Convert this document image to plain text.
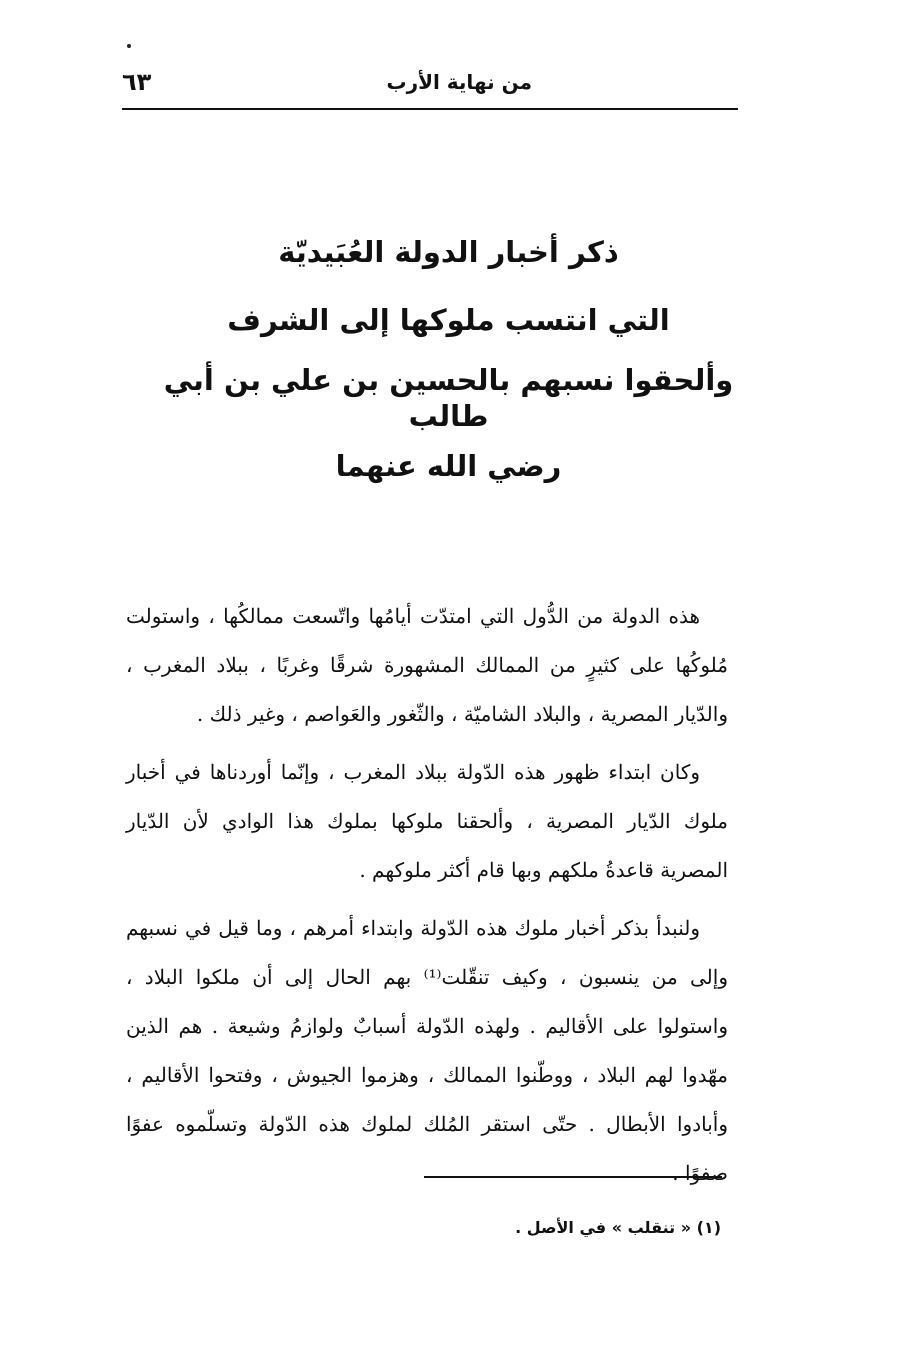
٦٣	من نهاية الأرب

ذكر أخبار الدولة العُبَيديّة

التي انتسب ملوكها إلى الشرف

وألحقوا نسبهم بالحسين بن علي بن أبي طالب

رضي الله عنهما

هذه الدولة من الدُّول التي امتدّت أيامُها واتّسعت ممالكُها ، واستولت مُلوكُها على كثيرٍ من الممالك المشهورة شرقًا وغربًا ، ببلاد المغرب ، والدّيار المصرية ، والبلاد الشاميّة ، والثّغور والعَواصم ، وغير ذلك .

وكان ابتداء ظهور هذه الدّولة ببلاد المغرب ، وإنّما أوردناها في أخبار ملوك الدّيار المصرية ، وألحقنا ملوكها بملوك هذا الوادي لأن الدّيار المصرية قاعدةُ ملكهم وبها قام أكثر ملوكهم .

ولنبدأ بذكر أخبار ملوك هذه الدّولة وابتداء أمرهم ، وما قيل في نسبهم وإلى من ينسبون ، وكيف تنقّلت⁽¹⁾ بهم الحال إلى أن ملكوا البلاد ، واستولوا على الأقاليم . ولهذه الدّولة أسبابٌ ولوازمُ وشيعة . هم الذين مهّدوا لهم البلاد ، ووطّنوا الممالك ، وهزموا الجيوش ، وفتحوا الأقاليم ، وأبادوا الأبطال . حتّى استقر المُلك لملوك هذه الدّولة وتسلّموه عفوًا صفوًا .

(١) « تنقلب » في الأصل .
